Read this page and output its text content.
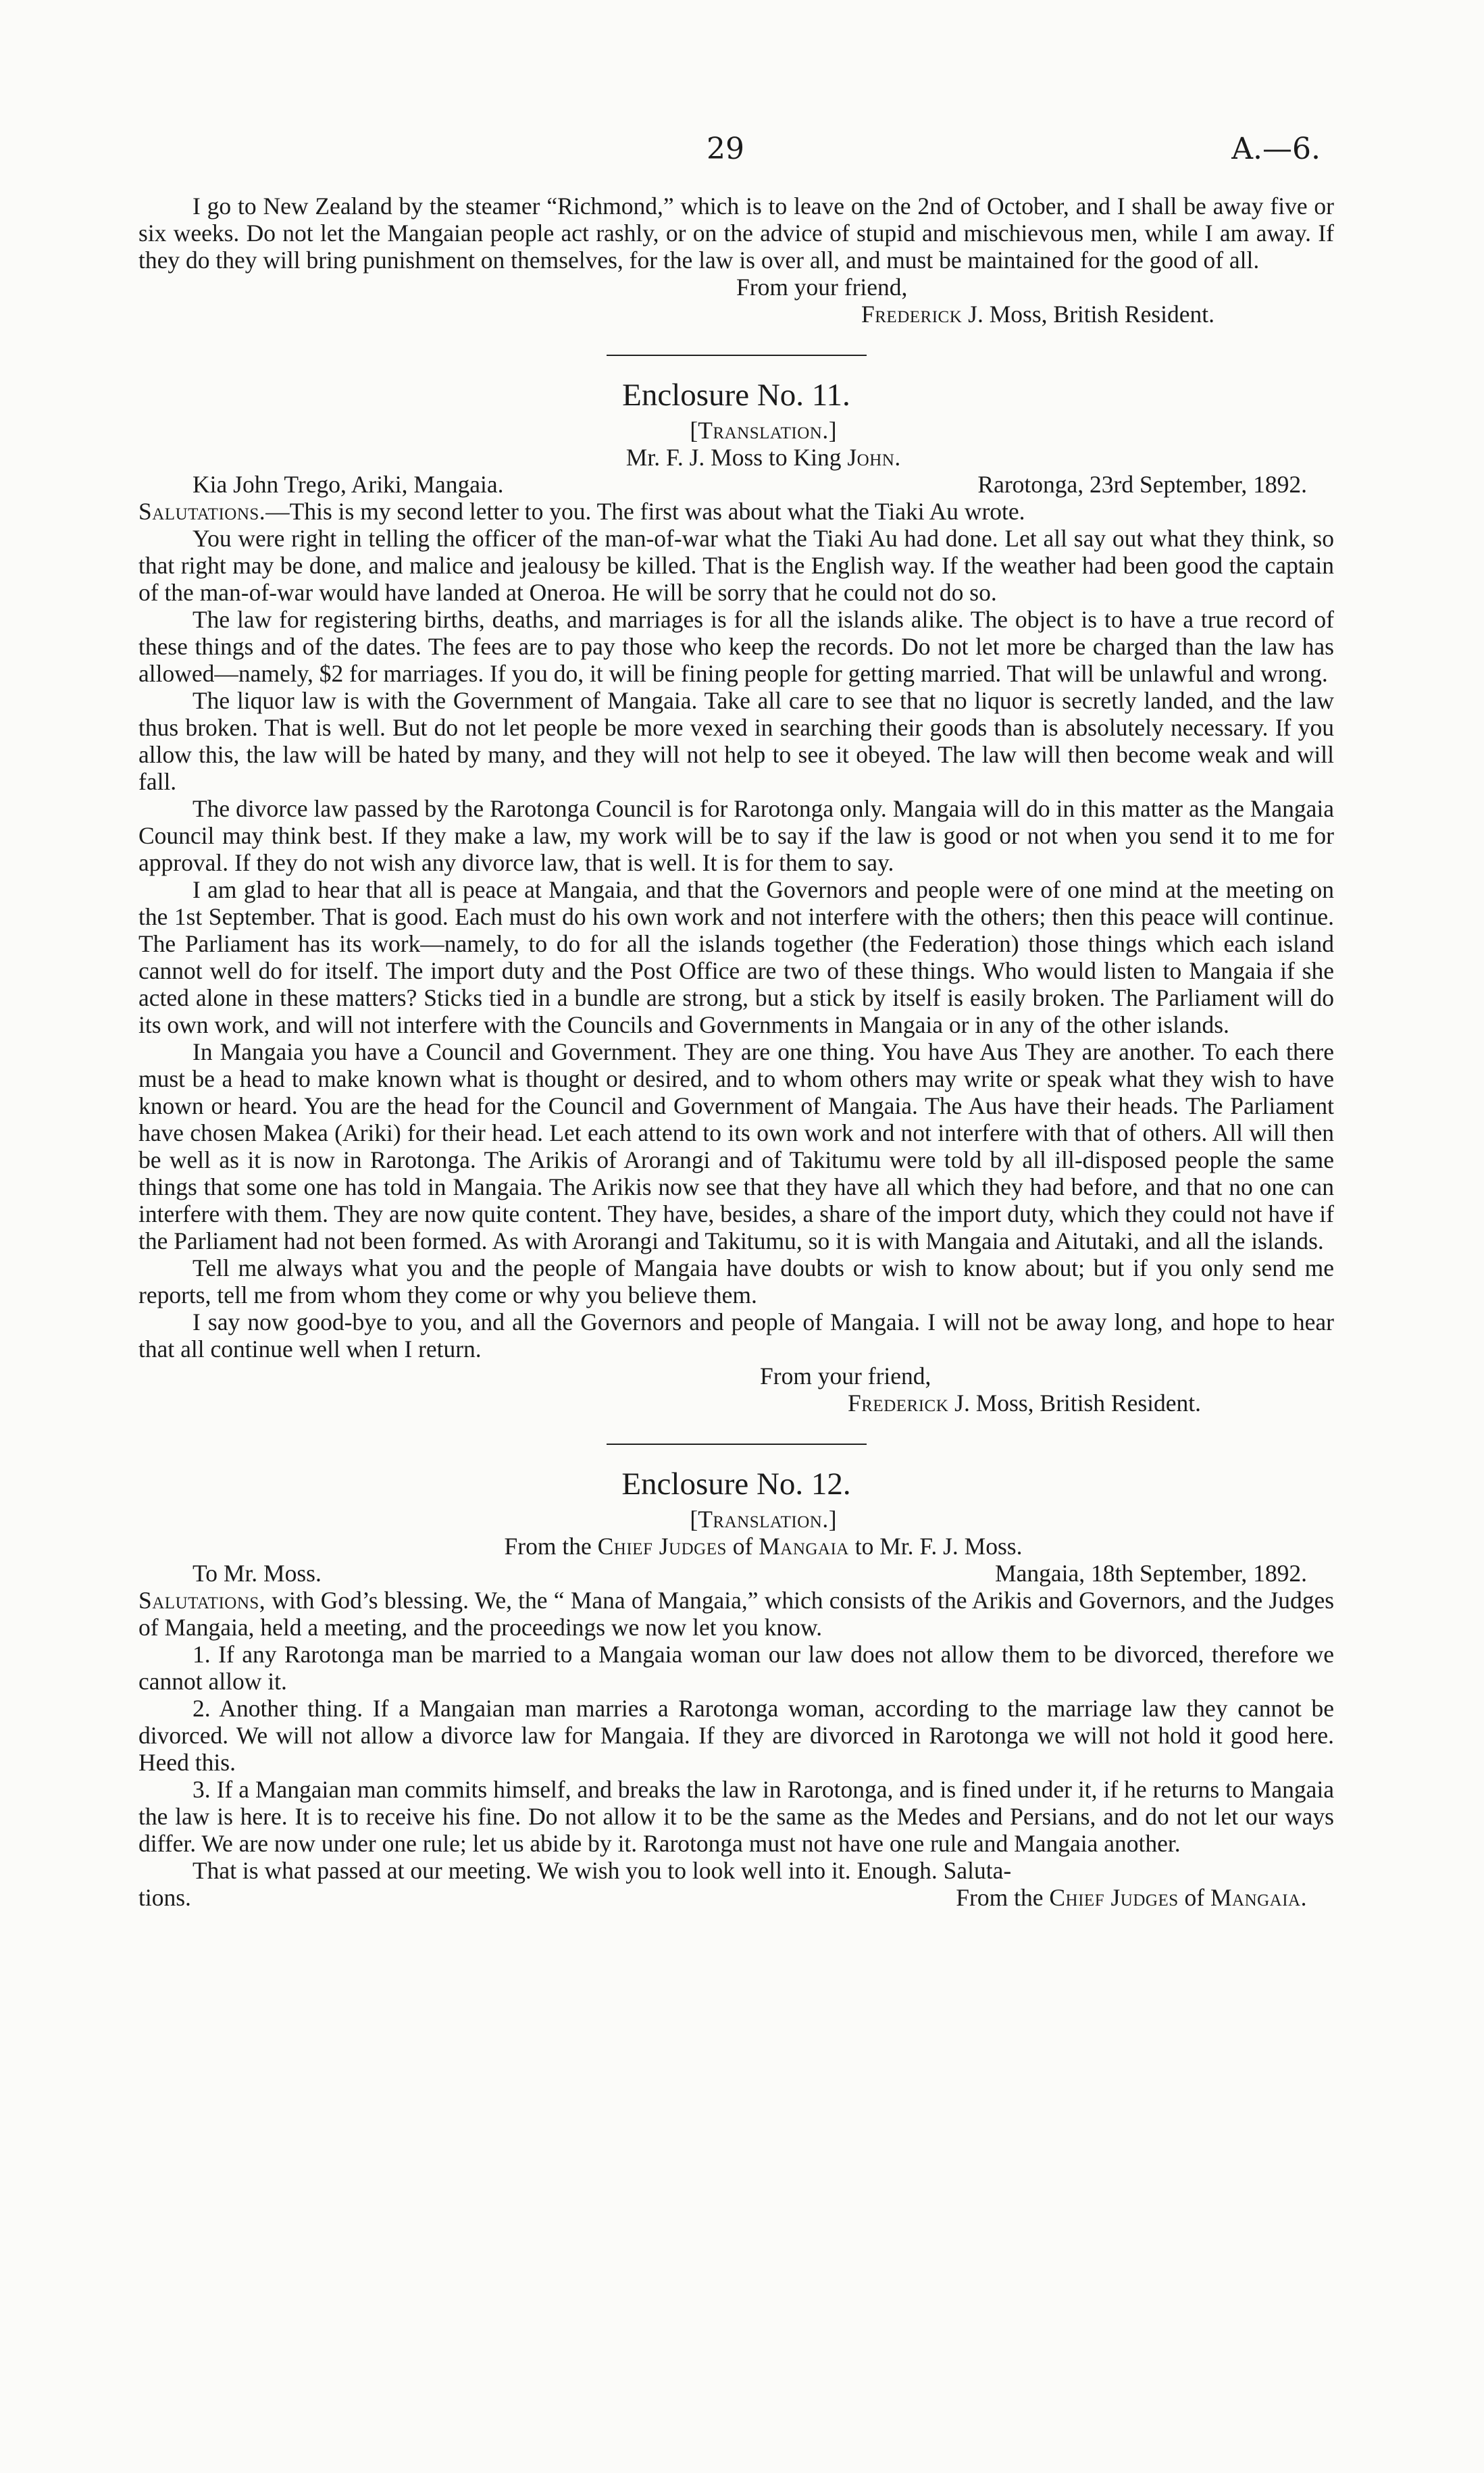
29	A.—6.

I go to New Zealand by the steamer “Richmond,” which is to leave on the 2nd of October, and I shall be away five or six weeks. Do not let the Mangaian people act rashly, or on the advice of stupid and mischievous men, while I am away. If they do they will bring punishment on themselves, for the law is over all, and must be maintained for the good of all.

From your friend,

Frederick J. Moss, British Resident.

Enclosure No. 11.

[Translation.]

Mr. F. J. Moss to King John.

Kia John Trego, Ariki, Mangaia.	Rarotonga, 23rd September, 1892.

Salutations.—This is my second letter to you. The first was about what the Tiaki Au wrote.

You were right in telling the officer of the man-of-war what the Tiaki Au had done. Let all say out what they think, so that right may be done, and malice and jealousy be killed. That is the English way. If the weather had been good the captain of the man-of-war would have landed at Oneroa. He will be sorry that he could not do so.

The law for registering births, deaths, and marriages is for all the islands alike. The object is to have a true record of these things and of the dates. The fees are to pay those who keep the records. Do not let more be charged than the law has allowed—namely, $2 for marriages. If you do, it will be fining people for getting married. That will be unlawful and wrong.

The liquor law is with the Government of Mangaia. Take all care to see that no liquor is secretly landed, and the law thus broken. That is well. But do not let people be more vexed in searching their goods than is absolutely necessary. If you allow this, the law will be hated by many, and they will not help to see it obeyed. The law will then become weak and will fall.

The divorce law passed by the Rarotonga Council is for Rarotonga only. Mangaia will do in this matter as the Mangaia Council may think best. If they make a law, my work will be to say if the law is good or not when you send it to me for approval. If they do not wish any divorce law, that is well. It is for them to say.

I am glad to hear that all is peace at Mangaia, and that the Governors and people were of one mind at the meeting on the 1st September. That is good. Each must do his own work and not interfere with the others; then this peace will continue. The Parliament has its work—namely, to do for all the islands together (the Federation) those things which each island cannot well do for itself. The import duty and the Post Office are two of these things. Who would listen to Mangaia if she acted alone in these matters? Sticks tied in a bundle are strong, but a stick by itself is easily broken. The Parliament will do its own work, and will not interfere with the Councils and Governments in Mangaia or in any of the other islands.

In Mangaia you have a Council and Government. They are one thing. You have Aus They are another. To each there must be a head to make known what is thought or desired, and to whom others may write or speak what they wish to have known or heard. You are the head for the Council and Government of Mangaia. The Aus have their heads. The Parliament have chosen Makea (Ariki) for their head. Let each attend to its own work and not interfere with that of others. All will then be well as it is now in Rarotonga. The Arikis of Arorangi and of Takitumu were told by all ill-disposed people the same things that some one has told in Mangaia. The Arikis now see that they have all which they had before, and that no one can interfere with them. They are now quite content. They have, besides, a share of the import duty, which they could not have if the Parliament had not been formed. As with Arorangi and Takitumu, so it is with Mangaia and Aitutaki, and all the islands.

Tell me always what you and the people of Mangaia have doubts or wish to know about; but if you only send me reports, tell me from whom they come or why you believe them.

I say now good-bye to you, and all the Governors and people of Mangaia. I will not be away long, and hope to hear that all continue well when I return.

From your friend,

Frederick J. Moss, British Resident.

Enclosure No. 12.

[Translation.]

From the Chief Judges of Mangaia to Mr. F. J. Moss.

To Mr. Moss.	Mangaia, 18th September, 1892.

Salutations, with God’s blessing. We, the “ Mana of Mangaia,” which consists of the Arikis and Governors, and the Judges of Mangaia, held a meeting, and the proceedings we now let you know.

1. If any Rarotonga man be married to a Mangaia woman our law does not allow them to be divorced, therefore we cannot allow it.

2. Another thing. If a Mangaian man marries a Rarotonga woman, according to the marriage law they cannot be divorced. We will not allow a divorce law for Mangaia. If they are divorced in Rarotonga we will not hold it good here. Heed this.

3. If a Mangaian man commits himself, and breaks the law in Rarotonga, and is fined under it, if he returns to Mangaia the law is here. It is to receive his fine. Do not allow it to be the same as the Medes and Persians, and do not let our ways differ. We are now under one rule; let us abide by it. Rarotonga must not have one rule and Mangaia another.

That is what passed at our meeting. We wish you to look well into it. Enough. Saluta-

tions.	From the Chief Judges of Mangaia.
